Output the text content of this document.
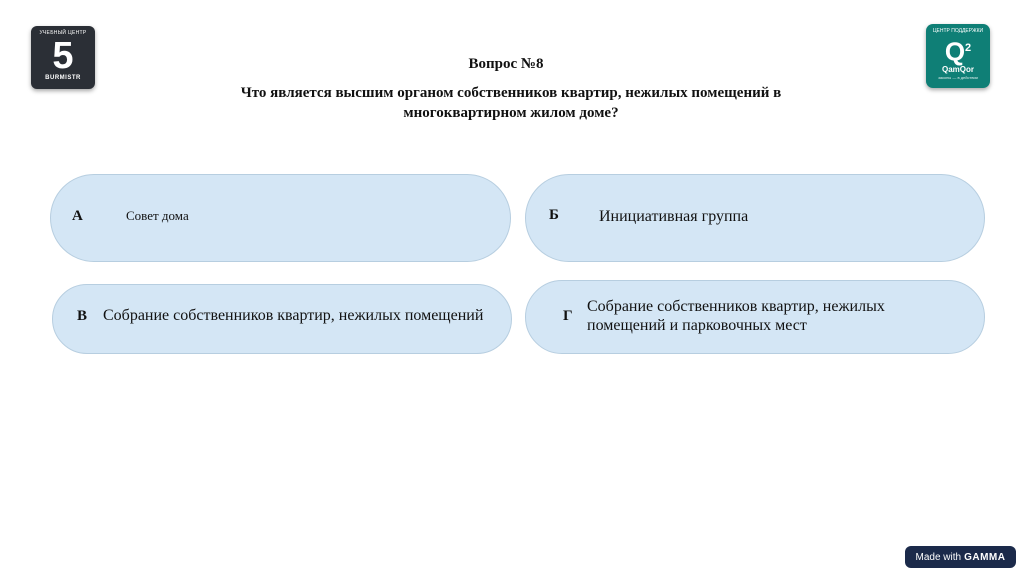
УЧЕБНЫЙ ЦЕНТР
5
BURMISTR
ЦЕНТР ПОДДЕРЖКИ
$Q^2$
QamQor
законы — в действии
Вопрос №8
Что является высшим органом собственников квартир, нежилых помещений в многоквартирном жилом доме?
А	Совет дома	Б	Инициативная группа
В Собрание собственников квартир, нежилых помещений	Г
Собрание собственников квартир, нежилых помещений и парковочных мест
Made with GAMMA
